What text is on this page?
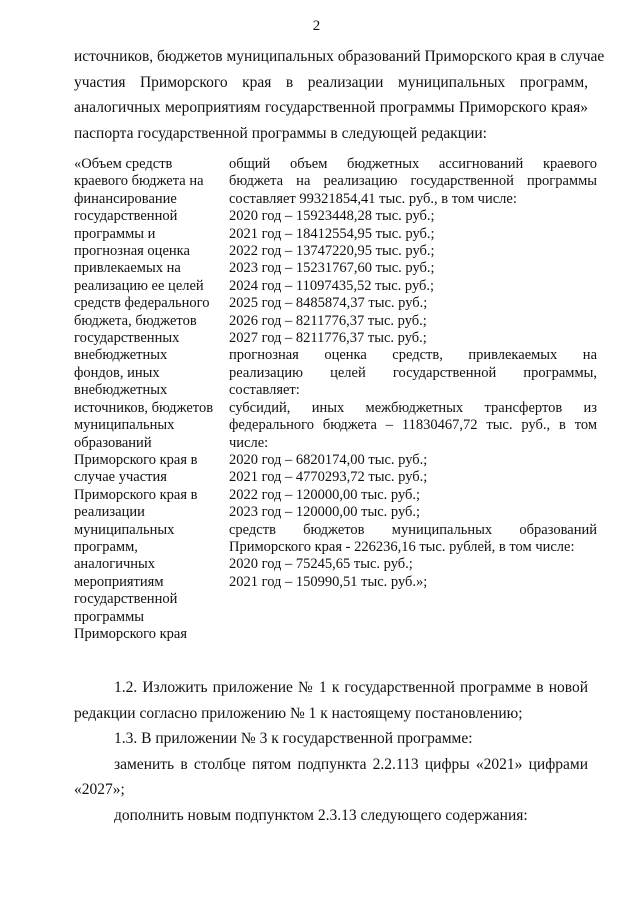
2
источников, бюджетов муниципальных образований Приморского края в случае
участия Приморского края в реализации муниципальных программ,
аналогичных мероприятиям государственной программы Приморского края»
паспорта государственной программы в следующей редакции:
«Объем средств
краевого бюджета на
финансирование
государственной
программы и
прогнозная оценка
привлекаемых на
реализацию ее целей
средств федерального
бюджета, бюджетов
государственных
внебюджетных
фондов, иных
внебюджетных
источников, бюджетов
муниципальных
образований
Приморского края в
случае участия
Приморского края в
реализации
муниципальных
программ,
аналогичных
мероприятиям
государственной
программы
Приморского края
общий объем бюджетных ассигнований краевого
бюджета на реализацию государственной программы
составляет 99321854,41 тыс. руб., в том числе:
2020 год – 15923448,28 тыс. руб.;
2021 год – 18412554,95 тыс. руб.;
2022 год – 13747220,95 тыс. руб.;
2023 год – 15231767,60 тыс. руб.;
2024 год – 11097435,52 тыс. руб.;
2025 год – 8485874,37 тыс. руб.;
2026 год – 8211776,37 тыс. руб.;
2027 год – 8211776,37 тыс. руб.;
прогнозная оценка средств, привлекаемых на
реализацию целей государственной программы,
составляет:
субсидий, иных межбюджетных трансфертов из
федерального бюджета – 11830467,72 тыс. руб., в том
числе:
2020 год – 6820174,00 тыс. руб.;
2021 год – 4770293,72 тыс. руб.;
2022 год – 120000,00 тыс. руб.;
2023 год – 120000,00 тыс. руб.;
средств бюджетов муниципальных образований
Приморского края - 226236,16 тыс. рублей, в том числе:
2020 год – 75245,65 тыс. руб.;
2021 год – 150990,51 тыс. руб.»;
1.2. Изложить приложение № 1 к государственной программе в новой
редакции согласно приложению № 1 к настоящему постановлению;
1.3. В приложении № 3 к государственной программе:
заменить в столбце пятом подпункта 2.2.113 цифры «2021» цифрами
«2027»;
дополнить новым подпунктом 2.3.13 следующего содержания:
